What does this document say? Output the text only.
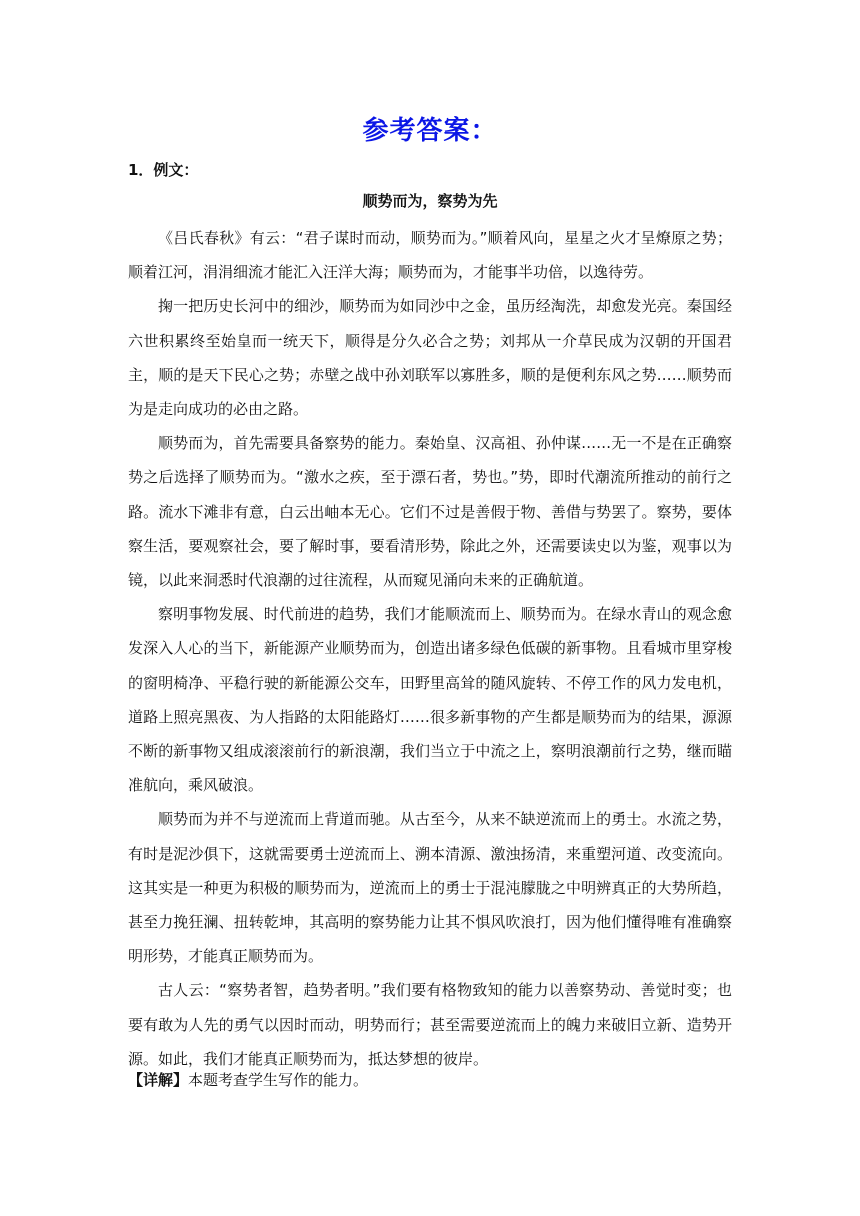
参考答案：
1．例文：
顺势而为，察势为先

《吕氏春秋》有云：“君子谋时而动，顺势而为。”顺着风向，星星之火才呈燎原之势；顺着江河，涓涓细流才能汇入汪洋大海；顺势而为，才能事半功倍，以逸待劳。

掬一把历史长河中的细沙，顺势而为如同沙中之金，虽历经淘洗，却愈发光亮。秦国经六世积累终至始皇而一统天下，顺得是分久必合之势；刘邦从一介草民成为汉朝的开国君主，顺的是天下民心之势；赤壁之战中孙刘联军以寡胜多，顺的是便利东风之势……顺势而为是走向成功的必由之路。

顺势而为，首先需要具备察势的能力。秦始皇、汉高祖、孙仲谋……无一不是在正确察势之后选择了顺势而为。“激水之疾，至于漂石者，势也。”势，即时代潮流所推动的前行之路。流水下滩非有意，白云出岫本无心。它们不过是善假于物、善借与势罢了。察势，要体察生活，要观察社会，要了解时事，要看清形势，除此之外，还需要读史以为鉴，观事以为镜，以此来洞悉时代浪潮的过往流程，从而窥见涌向未来的正确航道。

察明事物发展、时代前进的趋势，我们才能顺流而上、顺势而为。在绿水青山的观念愈发深入人心的当下，新能源产业顺势而为，创造出诸多绿色低碳的新事物。且看城市里穿梭的窗明椅净、平稳行驶的新能源公交车，田野里高耸的随风旋转、不停工作的风力发电机，道路上照亮黑夜、为人指路的太阳能路灯……很多新事物的产生都是顺势而为的结果，源源不断的新事物又组成滚滚前行的新浪潮，我们当立于中流之上，察明浪潮前行之势，继而瞄准航向，乘风破浪。

顺势而为并不与逆流而上背道而驰。从古至今，从来不缺逆流而上的勇士。水流之势，有时是泥沙俱下，这就需要勇士逆流而上、溯本清源、激浊扬清，来重塑河道、改变流向。这其实是一种更为积极的顺势而为，逆流而上的勇士于混沌朦胧之中明辨真正的大势所趋，甚至力挽狂澜、扭转乾坤，其高明的察势能力让其不惧风吹浪打，因为他们懂得唯有准确察明形势，才能真正顺势而为。

古人云：“察势者智，趋势者明。”我们要有格物致知的能力以善察势动、善觉时变；也要有敢为人先的勇气以因时而动，明势而行；甚至需要逆流而上的魄力来破旧立新、造势开源。如此，我们才能真正顺势而为，抵达梦想的彼岸。

【详解】本题考查学生写作的能力。
